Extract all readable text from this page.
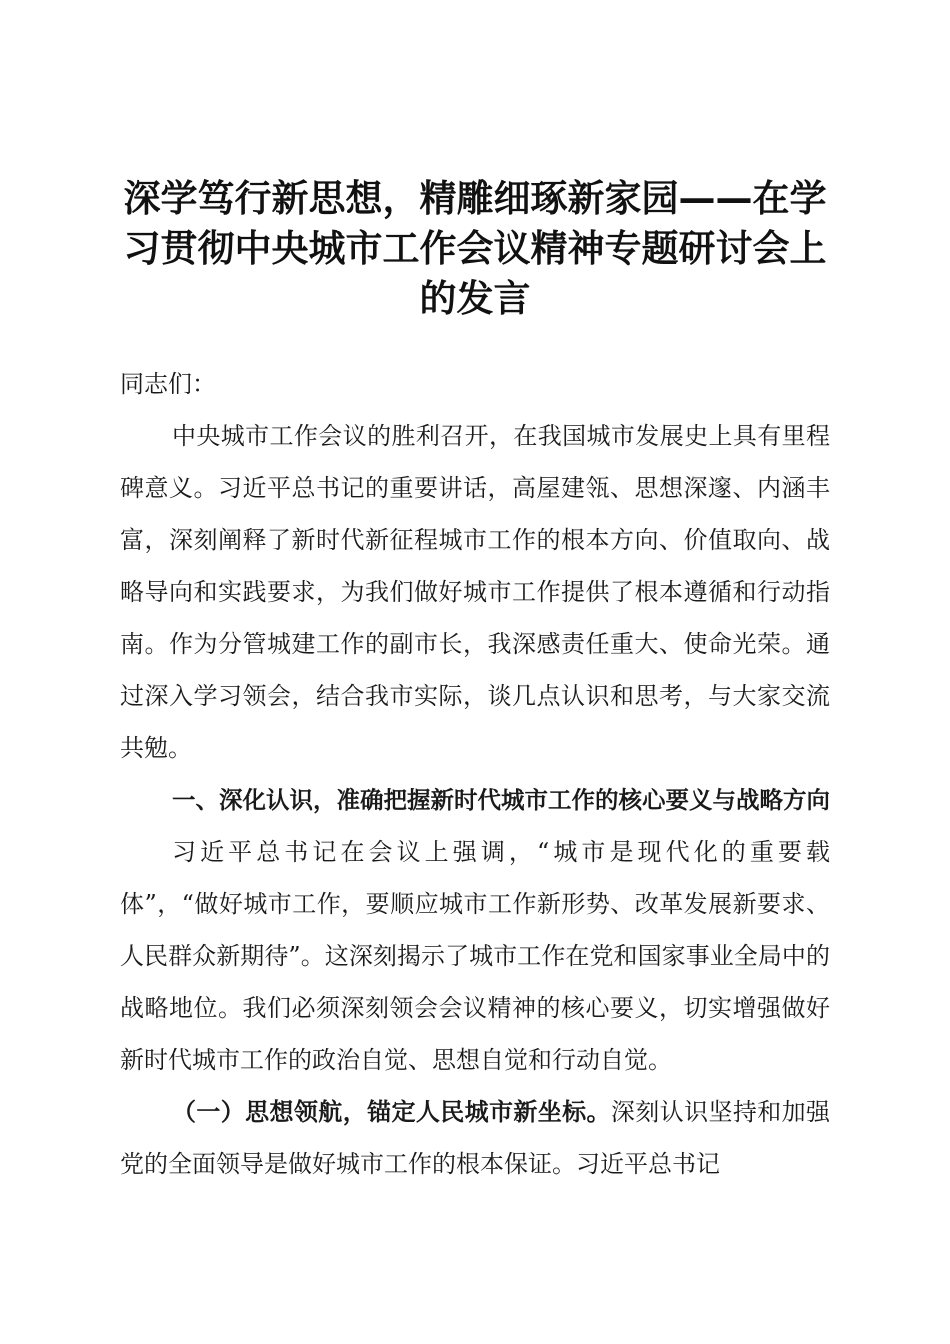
深学笃行新思想，精雕细琢新家园——在学习贯彻中央城市工作会议精神专题研讨会上的发言

同志们：

中央城市工作会议的胜利召开，在我国城市发展史上具有里程碑意义。习近平总书记的重要讲话，高屋建瓴、思想深邃、内涵丰富，深刻阐释了新时代新征程城市工作的根本方向、价值取向、战略导向和实践要求，为我们做好城市工作提供了根本遵循和行动指南。作为分管城建工作的副市长，我深感责任重大、使命光荣。通过深入学习领会，结合我市实际，谈几点认识和思考，与大家交流共勉。

一、深化认识，准确把握新时代城市工作的核心要义与战略方向

习近平总书记在会议上强调，“城市是现代化的重要载体”，“做好城市工作，要顺应城市工作新形势、改革发展新要求、人民群众新期待”。这深刻揭示了城市工作在党和国家事业全局中的战略地位。我们必须深刻领会会议精神的核心要义，切实增强做好新时代城市工作的政治自觉、思想自觉和行动自觉。

（一）思想领航，锚定人民城市新坐标。深刻认识坚持和加强党的全面领导是做好城市工作的根本保证。习近平总书记
